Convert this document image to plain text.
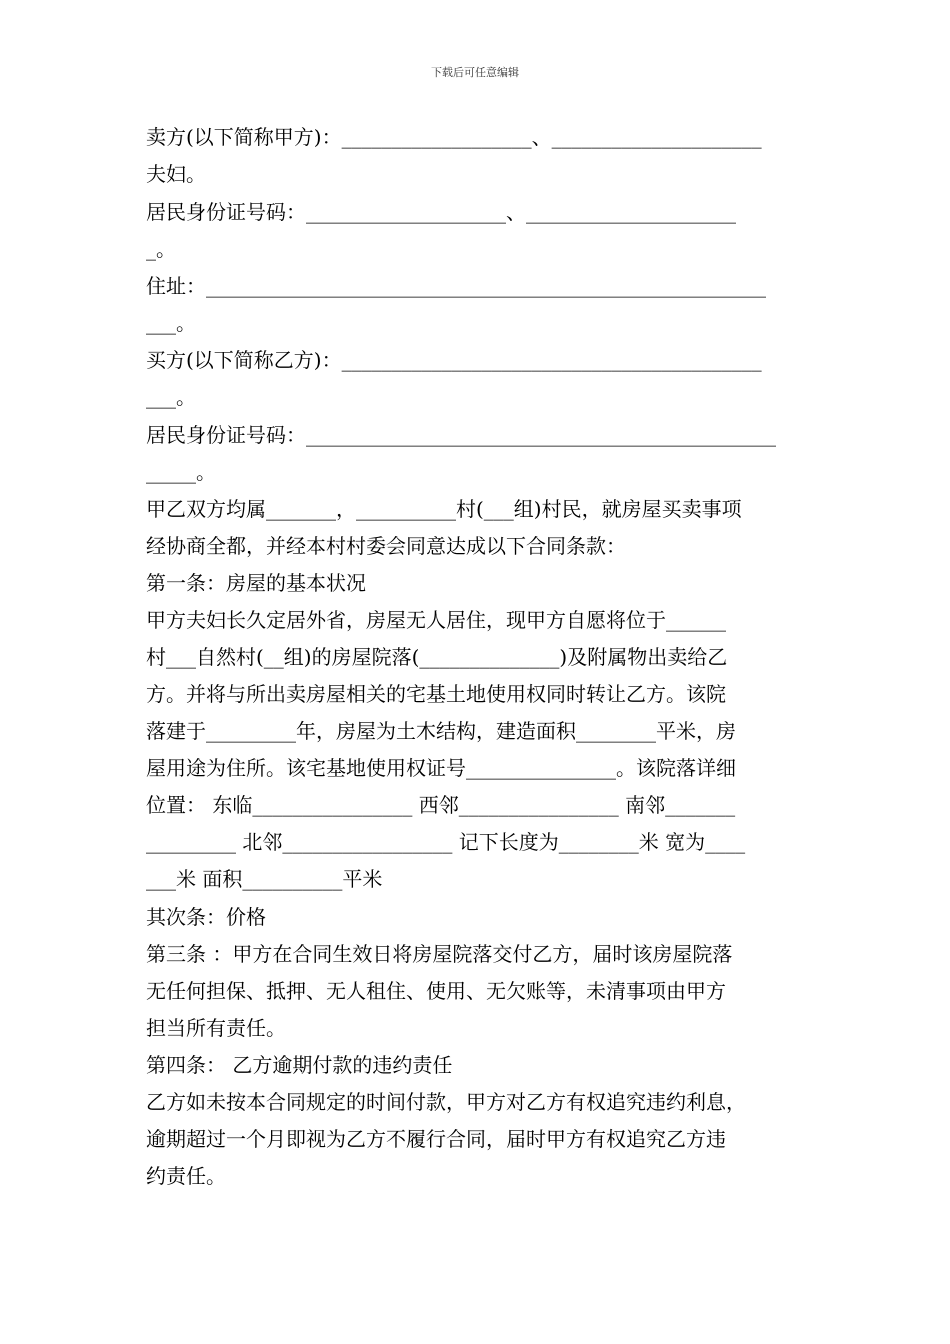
下载后可任意编辑
卖方(以下简称甲方)：___________________、_____________________
夫妇。
居民身份证号码：____________________、_____________________
_。
住址：________________________________________________________
___。
买方(以下简称乙方)：__________________________________________
___。
居民身份证号码：_______________________________________________
_____。
甲乙双方均属_______，__________村(___组)村民，就房屋买卖事项
经协商全都，并经本村村委会同意达成以下合同条款：
第一条：房屋的基本状况
甲方夫妇长久定居外省，房屋无人居住，现甲方自愿将位于______
村___自然村(__组)的房屋院落(______________)及附属物出卖给乙
方。并将与所出卖房屋相关的宅基土地使用权同时转让乙方。该院
落建于_________年，房屋为土木结构，建造面积________平米，房
屋用途为住所。该宅基地使用权证号_______________。该院落详细
位置： 东临________________ 西邻________________ 南邻_______
_________ 北邻_________________ 记下长度为________米 宽为____
___米 面积__________平米
其次条：价格
第三条 ：甲方在合同生效日将房屋院落交付乙方，届时该房屋院落
无任何担保、抵押、无人租住、使用、无欠账等，未清事项由甲方
担当所有责任。
第四条： 乙方逾期付款的违约责任
乙方如未按本合同规定的时间付款，甲方对乙方有权追究违约利息，
逾期超过一个月即视为乙方不履行合同，届时甲方有权追究乙方违
约责任。
